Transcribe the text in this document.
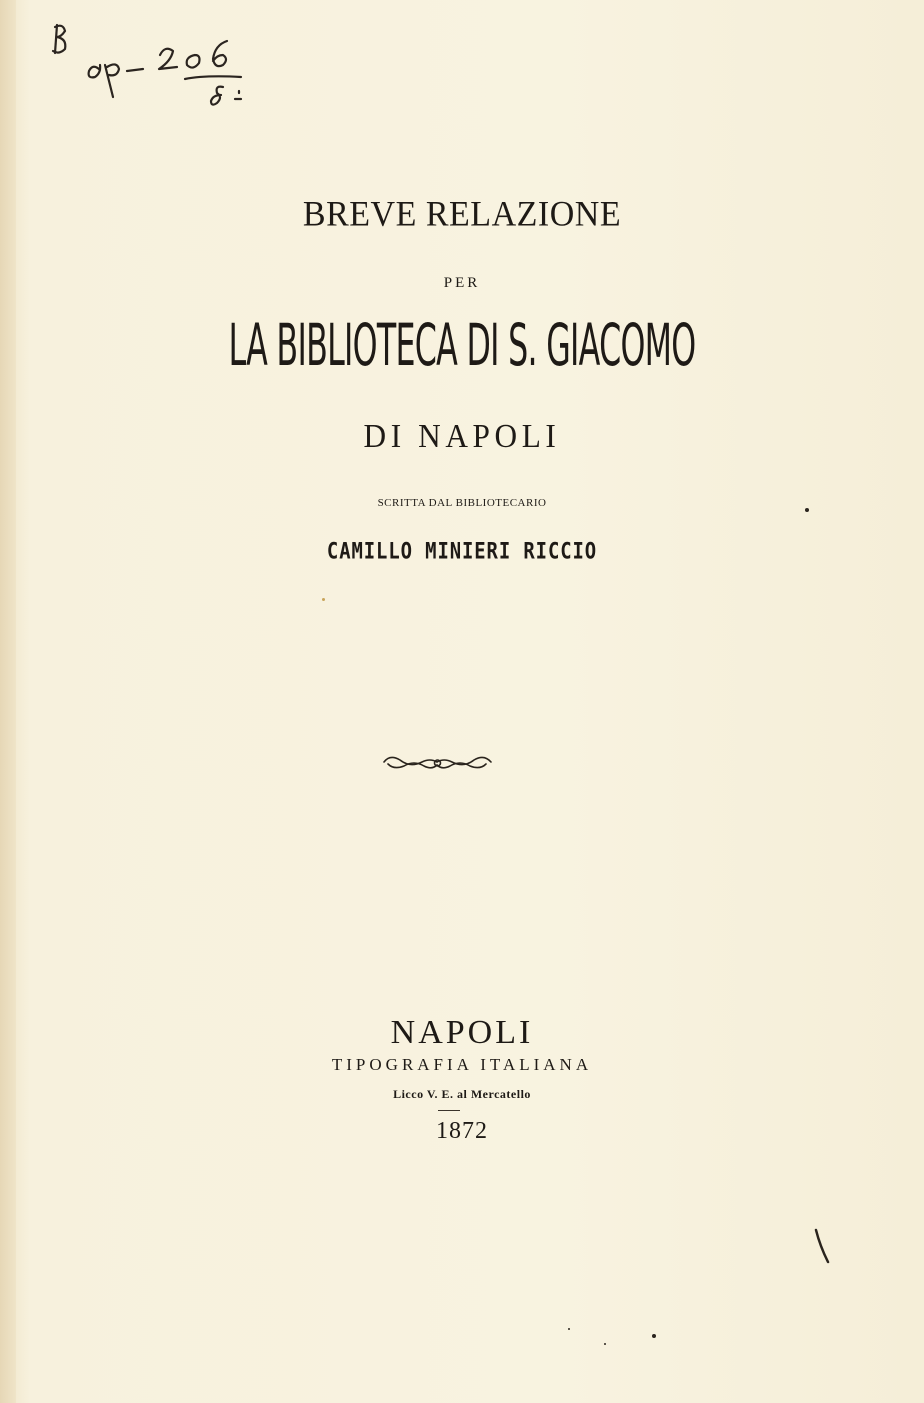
BREVE RELAZIONE
PER
LA BIBLIOTECA DI S. GIACOMO
DI NAPOLI
SCRITTA DAL BIBLIOTECARIO
CAMILLO MINIERI RICCIO
NAPOLI
TIPOGRAFIA ITALIANA
Licco V. E. al Mercatello
1872
